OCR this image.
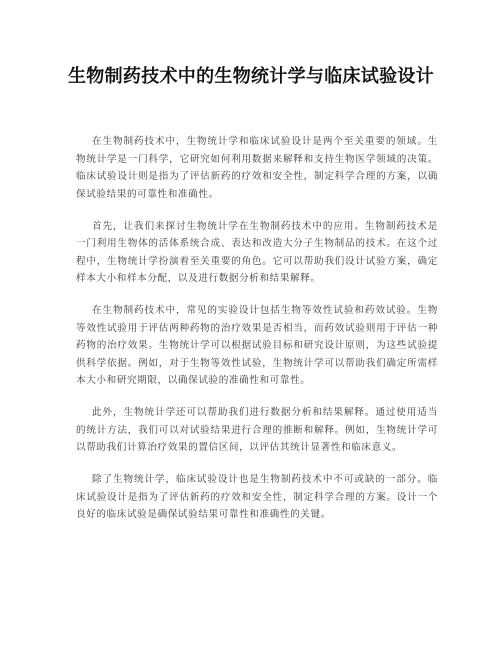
生物制药技术中的生物统计学与临床试验设计

在生物制药技术中，生物统计学和临床试验设计是两个至关重要的领域。生物统计学是一门科学，它研究如何利用数据来解释和支持生物医学领域的决策。临床试验设计则是指为了评估新药的疗效和安全性，制定科学合理的方案，以确保试验结果的可靠性和准确性。

首先，让我们来探讨生物统计学在生物制药技术中的应用。生物制药技术是一门利用生物体的活体系统合成、表达和改造大分子生物制品的技术。在这个过程中，生物统计学扮演着至关重要的角色。它可以帮助我们设计试验方案，确定样本大小和样本分配，以及进行数据分析和结果解释。

在生物制药技术中，常见的实验设计包括生物等效性试验和药效试验。生物等效性试验用于评估两种药物的治疗效果是否相当，而药效试验则用于评估一种药物的治疗效果。生物统计学可以根据试验目标和研究设计原则，为这些试验提供科学依据。例如，对于生物等效性试验，生物统计学可以帮助我们确定所需样本大小和研究期限，以确保试验的准确性和可靠性。

此外，生物统计学还可以帮助我们进行数据分析和结果解释。通过使用适当的统计方法，我们可以对试验结果进行合理的推断和解释。例如，生物统计学可以帮助我们计算治疗效果的置信区间，以评估其统计显著性和临床意义。

除了生物统计学，临床试验设计也是生物制药技术中不可或缺的一部分。临床试验设计是指为了评估新药的疗效和安全性，制定科学合理的方案。设计一个良好的临床试验是确保试验结果可靠性和准确性的关键。
